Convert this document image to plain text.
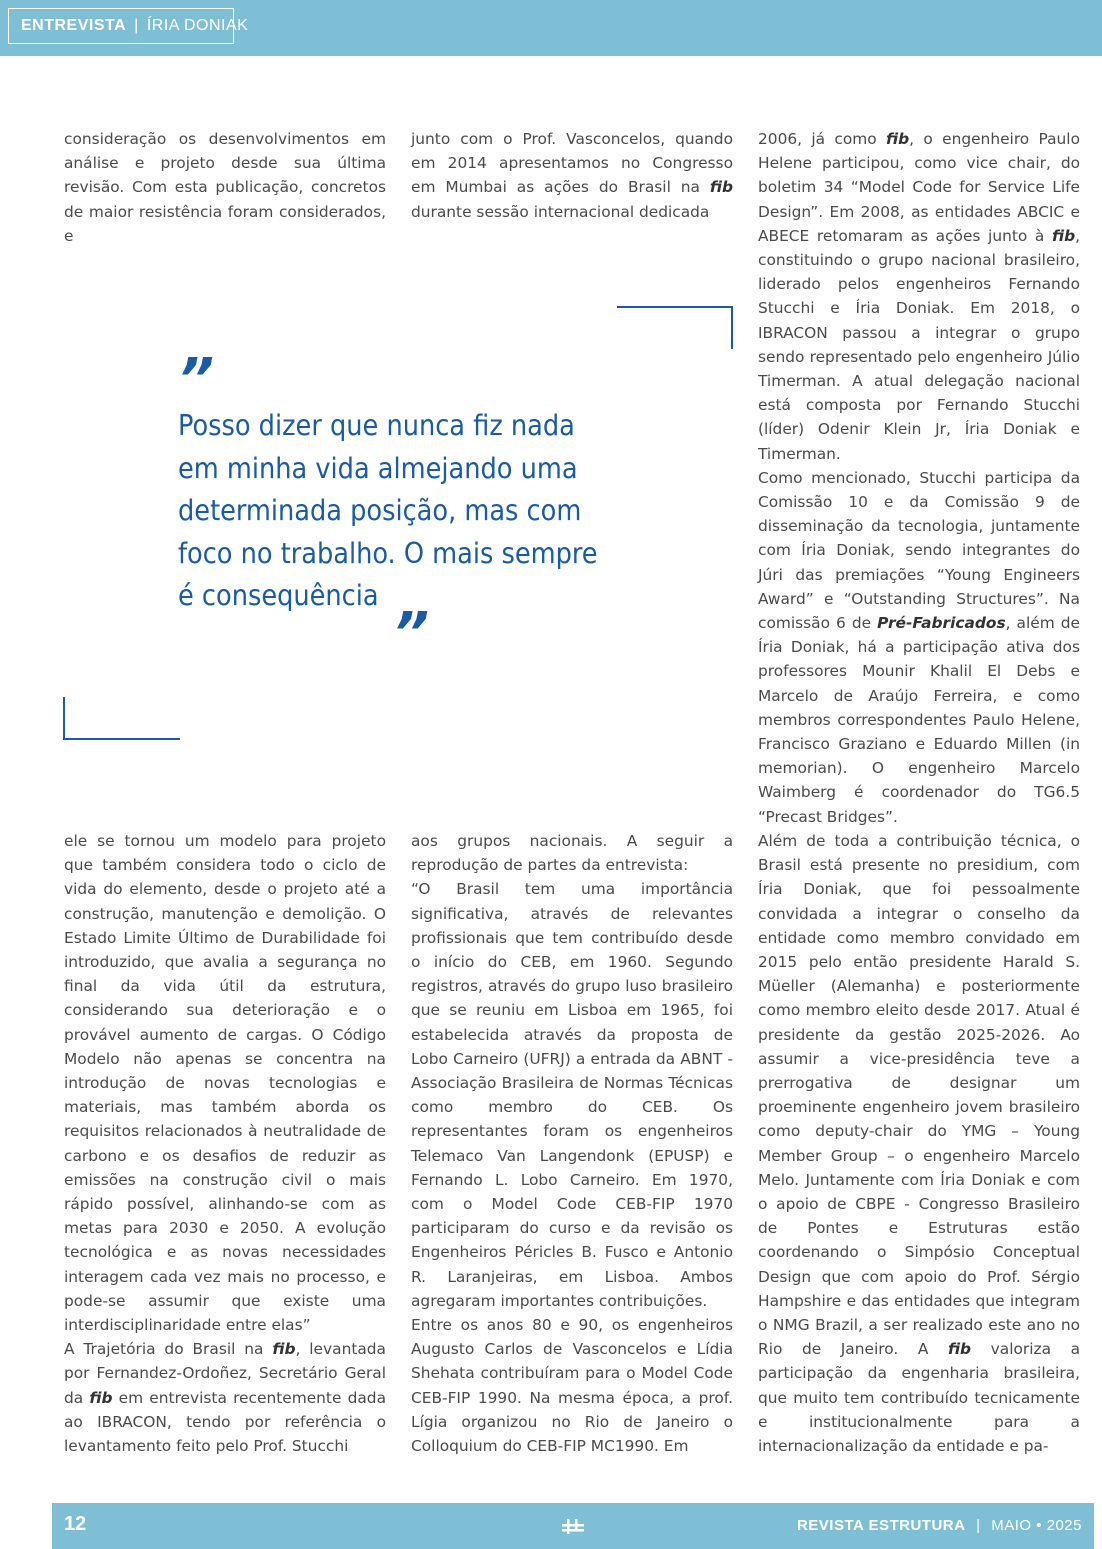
ENTREVISTA | ÍRIA DONIAK

consideração os desenvolvimentos em análise e projeto desde sua última revisão. Com esta publicação, concretos de maior resistência foram considerados, e

junto com o Prof. Vasconcelos, quando em 2014 apresentamos no Congresso em Mumbai as ações do Brasil na fib durante sessão internacional dedicada

”
Posso dizer que nunca fiz nada em minha vida almejando uma determinada posição, mas com foco no trabalho. O mais sempre é consequência
”

ele se tornou um modelo para projeto que também considera todo o ciclo de vida do elemento, desde o projeto até a construção, manutenção e demolição. O Estado Limite Último de Durabilidade foi introduzido, que avalia a segurança no final da vida útil da estrutura, considerando sua deterioração e o provável aumento de cargas. O Código Modelo não apenas se concentra na introdução de novas tecnologias e materiais, mas também aborda os requisitos relacionados à neutralidade de carbono e os desafios de reduzir as emissões na construção civil o mais rápido possível, alinhando-se com as metas para 2030 e 2050. A evolução tecnológica e as novas necessidades interagem cada vez mais no processo, e pode-se assumir que existe uma interdisciplinaridade entre elas”

A Trajetória do Brasil na fib, levantada por Fernandez-Ordoñez, Secretário Geral da fib em entrevista recentemente dada ao IBRACON, tendo por referência o levantamento feito pelo Prof. Stucchi

aos grupos nacionais. A seguir a reprodução de partes da entrevista:

“O Brasil tem uma importância significativa, através de relevantes profissionais que tem contribuído desde o início do CEB, em 1960. Segundo registros, através do grupo luso brasileiro que se reuniu em Lisboa em 1965, foi estabelecida através da proposta de Lobo Carneiro (UFRJ) a entrada da ABNT - Associação Brasileira de Normas Técnicas como membro do CEB. Os representantes foram os engenheiros Telemaco Van Langendonk (EPUSP) e Fernando L. Lobo Carneiro. Em 1970, com o Model Code CEB-FIP 1970 participaram do curso e da revisão os Engenheiros Péricles B. Fusco e Antonio R. Laranjeiras, em Lisboa. Ambos agregaram importantes contribuições.

Entre os anos 80 e 90, os engenheiros Augusto Carlos de Vasconcelos e Lídia Shehata contribuíram para o Model Code CEB-FIP 1990. Na mesma época, a prof. Lígia organizou no Rio de Janeiro o Colloquium do CEB-FIP MC1990. Em

2006, já como fib, o engenheiro Paulo Helene participou, como vice chair, do boletim 34 “Model Code for Service Life Design”. Em 2008, as entidades ABCIC e ABECE retomaram as ações junto à fib, constituindo o grupo nacional brasileiro, liderado pelos engenheiros Fernando Stucchi e Íria Doniak. Em 2018, o IBRACON passou a integrar o grupo sendo representado pelo engenheiro Júlio Timerman. A atual delegação nacional está composta por Fernando Stucchi (líder) Odenir Klein Jr, Íria Doniak e Timerman.

Como mencionado, Stucchi participa da Comissão 10 e da Comissão 9 de disseminação da tecnologia, juntamente com Íria Doniak, sendo integrantes do Júri das premiações “Young Engineers Award” e “Outstanding Structures”. Na comissão 6 de Pré-Fabricados, além de Íria Doniak, há a participação ativa dos professores Mounir Khalil El Debs e Marcelo de Araújo Ferreira, e como membros correspondentes Paulo Helene, Francisco Graziano e Eduardo Millen (in memorian). O engenheiro Marcelo Waimberg é coordenador do TG6.5 “Precast Bridges”.

Além de toda a contribuição técnica, o Brasil está presente no presidium, com Íria Doniak, que foi pessoalmente convidada a integrar o conselho da entidade como membro convidado em 2015 pelo então presidente Harald S. Müeller (Alemanha) e posteriormente como membro eleito desde 2017. Atual é presidente da gestão 2025-2026. Ao assumir a vice-presidência teve a prerrogativa de designar um proeminente engenheiro jovem brasileiro como deputy-chair do YMG – Young Member Group – o engenheiro Marcelo Melo. Juntamente com Íria Doniak e com o apoio de CBPE - Congresso Brasileiro de Pontes e Estruturas estão coordenando o Simpósio Conceptual Design que com apoio do Prof. Sérgio Hampshire e das entidades que integram o NMG Brazil, a ser realizado este ano no Rio de Janeiro. A fib valoriza a participação da engenharia brasileira, que muito tem contribuído tecnicamente e institucionalmente para a internacionalização da entidade e pa-

12	REVISTA ESTRUTURA | MAIO • 2025
